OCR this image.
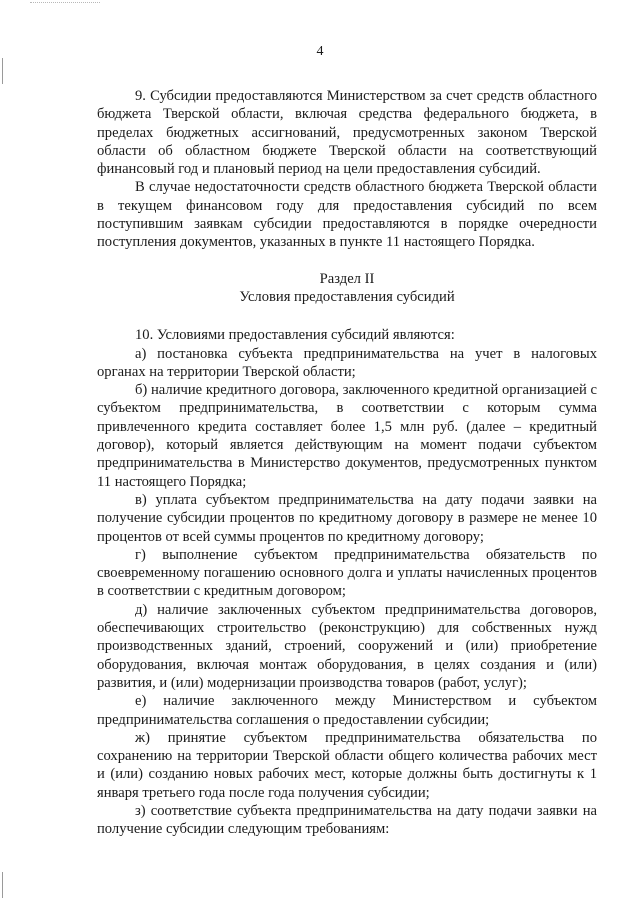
4

9. Субсидии предоставляются Министерством за счет средств областного бюджета Тверской области, включая средства федерального бюджета, в пределах бюджетных ассигнований, предусмотренных законом Тверской области об областном бюджете Тверской области на соответствующий финансовый год и плановый период на цели предоставления субсидий.

В случае недостаточности средств областного бюджета Тверской области в текущем финансовом году для предоставления субсидий по всем поступившим заявкам субсидии предоставляются в порядке очередности поступления документов, указанных в пункте 11 настоящего Порядка.

Раздел II

Условия предоставления субсидий

10. Условиями предоставления субсидий являются:

а) постановка субъекта предпринимательства на учет в налоговых органах на территории Тверской области;

б) наличие кредитного договора, заключенного кредитной организацией с субъектом предпринимательства, в соответствии с которым сумма привлеченного кредита составляет более 1,5 млн руб. (далее – кредитный договор), который является действующим на момент подачи субъектом предпринимательства в Министерство документов, предусмотренных пунктом 11 настоящего Порядка;

в) уплата субъектом предпринимательства на дату подачи заявки на получение субсидии процентов по кредитному договору в размере не менее 10 процентов от всей суммы процентов по кредитному договору;

г) выполнение субъектом предпринимательства обязательств по своевременному погашению основного долга и уплаты начисленных процентов в соответствии с кредитным договором;

д) наличие заключенных субъектом предпринимательства договоров, обеспечивающих строительство (реконструкцию) для собственных нужд производственных зданий, строений, сооружений и (или) приобретение оборудования, включая монтаж оборудования, в целях создания и (или) развития, и (или) модернизации производства товаров (работ, услуг);

е) наличие заключенного между Министерством и субъектом предпринимательства соглашения о предоставлении субсидии;

ж) принятие субъектом предпринимательства обязательства по сохранению на территории Тверской области общего количества рабочих мест и (или) созданию новых рабочих мест, которые должны быть достигнуты к 1 января третьего года после года получения субсидии;

з) соответствие субъекта предпринимательства на дату подачи заявки на получение субсидии следующим требованиям:
